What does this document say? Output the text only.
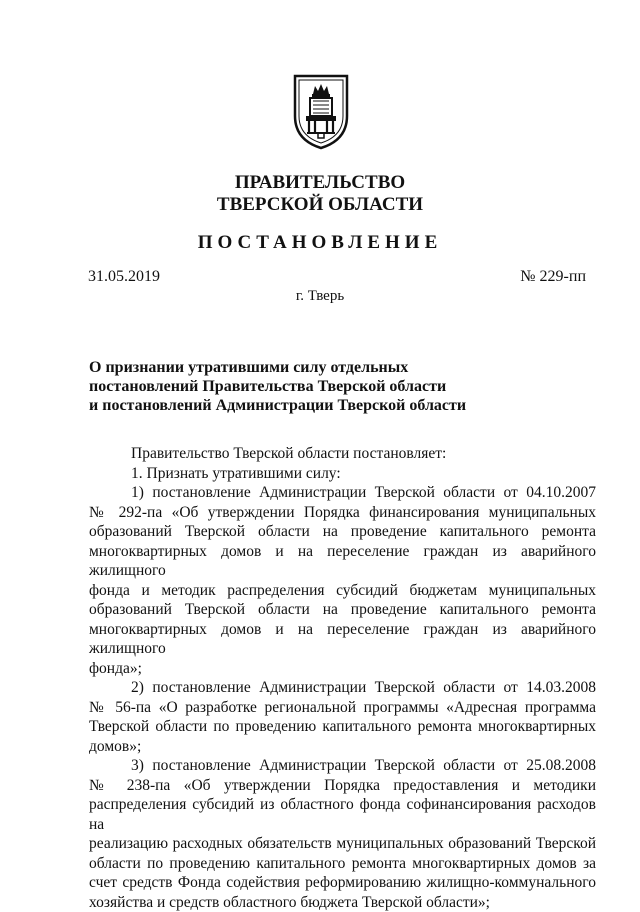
ПРАВИТЕЛЬСТВО
ТВЕРСКОЙ ОБЛАСТИ
ПОСТАНОВЛЕНИЕ
31.05.2019	№ 229-пп
г. Тверь
О признании утратившими силу отдельных
постановлений Правительства Тверской области
и постановлений Администрации Тверской области

Правительство Тверской области постановляет:

1. Признать утратившими силу:

1) постановление Администрации Тверской области от 04.10.2007

№ 292-па «Об утверждении Порядка финансирования муниципальных

образований Тверской области на проведение капитального ремонта

многоквартирных домов и на переселение граждан из аварийного жилищного

фонда и методик распределения субсидий бюджетам муниципальных

образований Тверской области на проведение капитального ремонта

многоквартирных домов и на переселение граждан из аварийного жилищного

фонда»;

2) постановление Администрации Тверской области от 14.03.2008

№ 56-па «О разработке региональной программы «Адресная программа

Тверской области по проведению капитального ремонта многоквартирных

домов»;

3) постановление Администрации Тверской области от 25.08.2008

№ 238-па «Об утверждении Порядка предоставления и методики

распределения субсидий из областного фонда софинансирования расходов на

реализацию расходных обязательств муниципальных образований Тверской

области по проведению капитального ремонта многоквартирных домов за

счет средств Фонда содействия реформированию жилищно-коммунального

хозяйства и средств областного бюджета Тверской области»;
